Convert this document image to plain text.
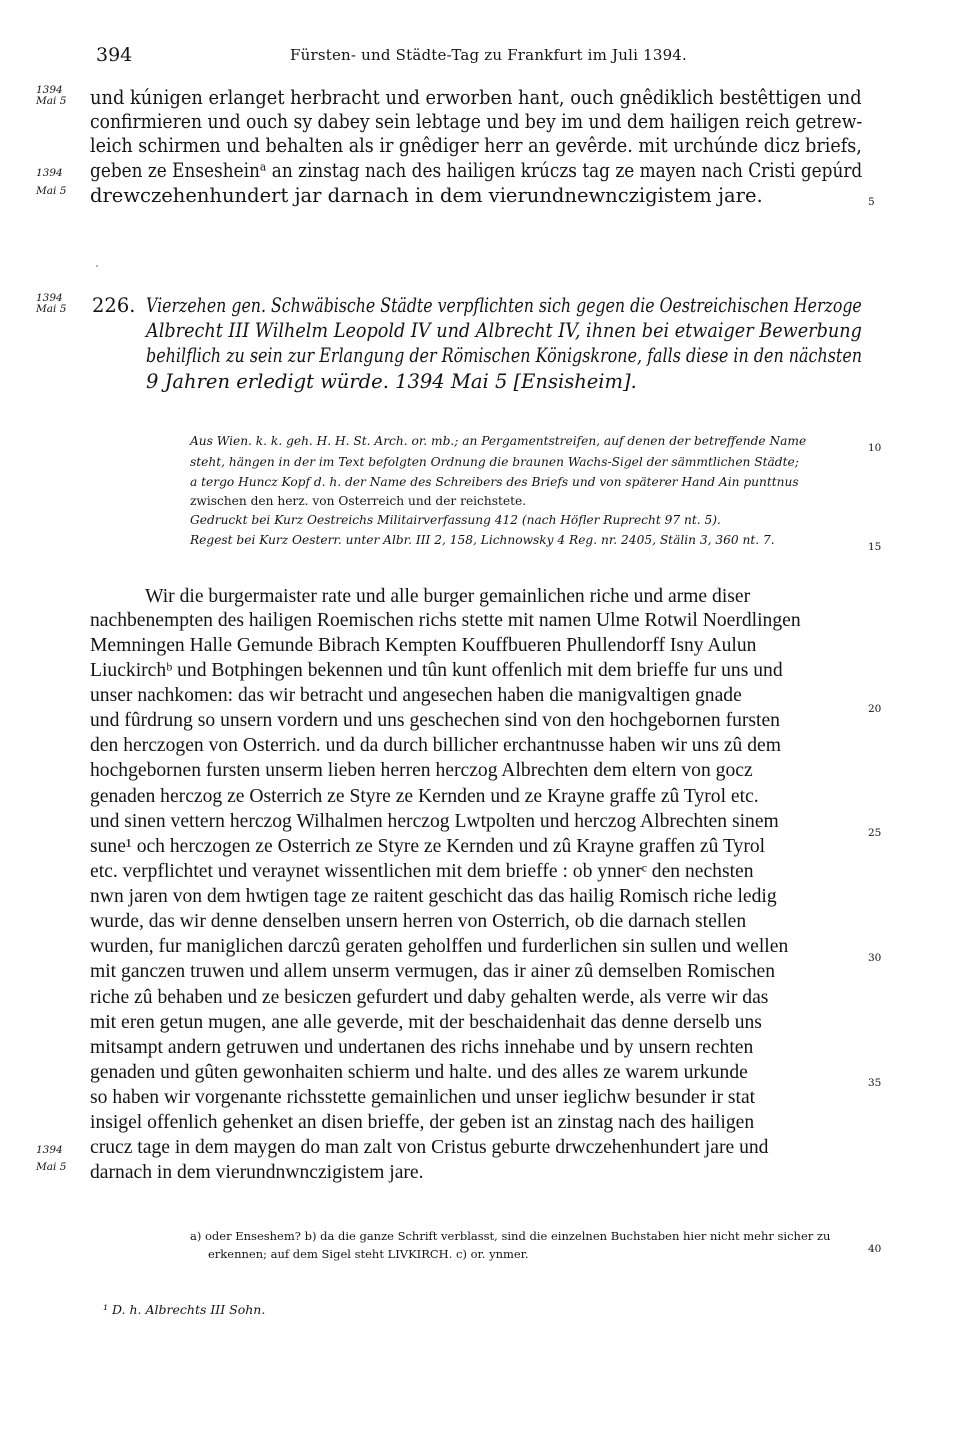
394	Fürsten- und Städte-Tag zu Frankfurt im Juli 1394.
1394
Mai 5 und kúnigen erlanget herbracht und erworben hant, ouch gnêdiklich bestêttigen und
confirmieren und ouch sy dabey sein lebtage und bey im und dem hailigen reich getrew-
leich schirmen und behalten als ir gnêdiger herr an gevêrde. mit urchúnde dicz briefs,
1394
Mai 5
geben ze Ensesheinᵃ an zinstag nach des hailigen krúczs tag ze mayen nach Cristi gepúrd
drewczehenhundert jar darnach in dem vierundnewnczigistem jare.	5
1394
Mai 5 226. Vierzehen gen. Schwäbische Städte verpflichten sich gegen die Oestreichischen Herzoge
Albrecht III Wilhelm Leopold IV und Albrecht IV, ihnen bei etwaiger Bewerbung
behilflich zu sein zur Erlangung der Römischen Königskrone, falls diese in den nächsten
9 Jahren erledigt würde. 1394 Mai 5 [Ensisheim].
Aus Wien. k. k. geh. H. H. St. Arch. or. mb.; an Pergamentstreifen, auf denen der betreffende Name	10
steht, hängen in der im Text befolgten Ordnung die braunen Wachs-Sigel der sämmtlichen Städte;
a tergo Huncz Kopf d. h. der Name des Schreibers des Briefs und von späterer Hand Ain punttnus
zwischen den herz. von Osterreich und der reichstete.
Gedruckt bei Kurz Oestreichs Militairverfassung 412 (nach Höfler Ruprecht 97 nt. 5).
Regest bei Kurz Oesterr. unter Albr. III 2, 158, Lichnowsky 4 Reg. nr. 2405, Stälin 3, 360 nt. 7.	15
Wir die burgermaister rate und alle burger gemainlichen riche und arme diser
nachbenempten des hailigen Roemischen richs stette mit namen Ulme Rotwil Noerdlingen
Memningen Halle Gemunde Bibrach Kempten Kouffbueren Phullendorff Isny Aulun
Liuckirchᵇ und Botphingen bekennen und tûn kunt offenlich mit dem brieffe fur uns und
unser nachkomen: das wir betracht und angesechen haben die manigvaltigen gnade
20
und fûrdrung so unsern vordern und uns geschechen sind von den hochgebornen fursten
den herczogen von Osterrich. und da durch billicher erchantnusse haben wir uns zû dem
hochgebornen fursten unserm lieben herren herczog Albrechten dem eltern von gocz
genaden herczog ze Osterrich ze Styre ze Kernden und ze Krayne graffe zû Tyrol etc.
und sinen vettern herczog Wilhalmen herczog Lwtpolten und herczog Albrechten sinem
25
sune¹ och herczogen ze Osterrich ze Styre ze Kernden und zû Krayne graffen zû Tyrol
etc. verpflichtet und veraynet wissentlichen mit dem brieffe : ob ynnerᶜ den nechsten
nwn jaren von dem hwtigen tage ze raitent geschicht das das hailig Romisch riche ledig
wurde, das wir denne denselben unsern herren von Osterrich, ob die darnach stellen
wurden, fur maniglichen darczû geraten geholffen und furderlichen sin sullen und wellen
30
mit ganczen truwen und allem unserm vermugen, das ir ainer zû demselben Romischen
riche zû behaben und ze besiczen gefurdert und daby gehalten werde, als verre wir das
mit eren getun mugen, ane alle geverde, mit der beschaidenhait das denne derselb uns
mitsampt andern getruwen und undertanen des richs innehabe und by unsern rechten
genaden und gûten gewonhaiten schierm und halte. und des alles ze warem urkunde	35
so haben wir vorgenante richsstette gemainlichen und unser ieglichw besunder ir stat
insigel offenlich gehenket an disen brieffe, der geben ist an zinstag nach des hailigen
1394
Mai 5
crucz tage in dem maygen do man zalt von Cristus geburte drwczehenhundert jare und
darnach in dem vierundnwnczigistem jare.
a) oder Enseshem? b) da die ganze Schrift verblasst, sind die einzelnen Buchstaben hier nicht mehr sicher zu
40
erkennen; auf dem Sigel steht LIVKIRCH. c) or. ynmer.
¹ D. h. Albrechts III Sohn.
